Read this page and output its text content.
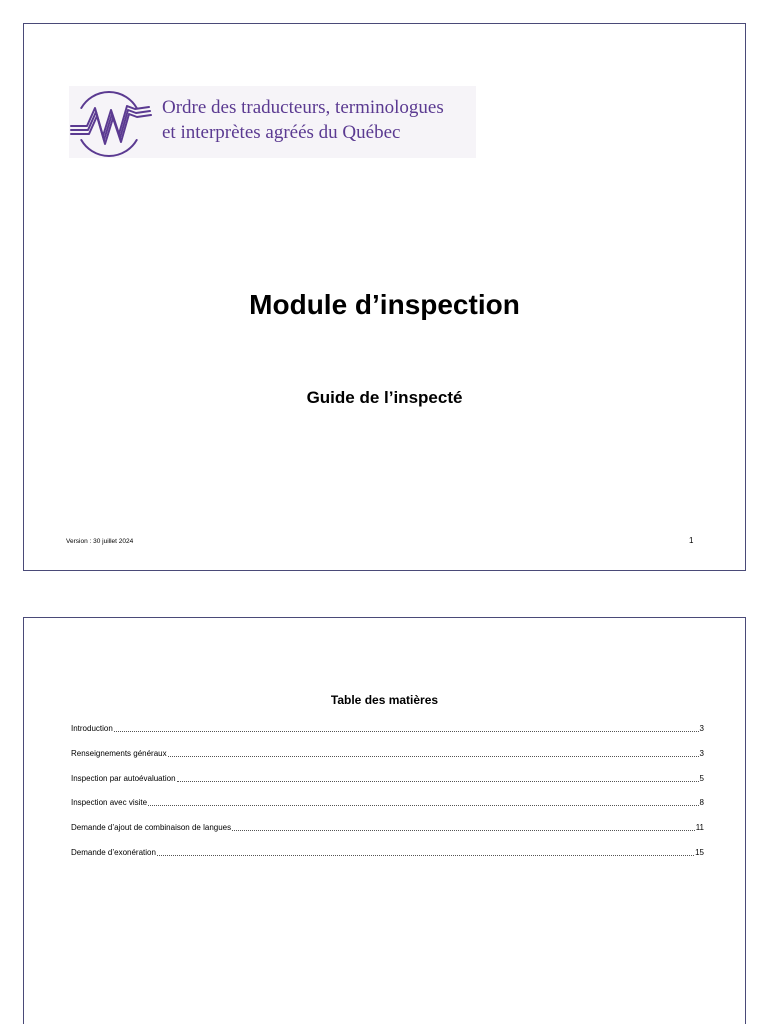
Ordre des traducteurs, terminologues
et interprètes agréés du Québec
Module d’inspection
Guide de l’inspecté
Version : 30 juillet 2024	1
Table des matières
Introduction	3
Renseignements généraux	3
Inspection par autoévaluation	5
Inspection avec visite	8
Demande d’ajout de combinaison de langues	11
Demande d’exonération	15
